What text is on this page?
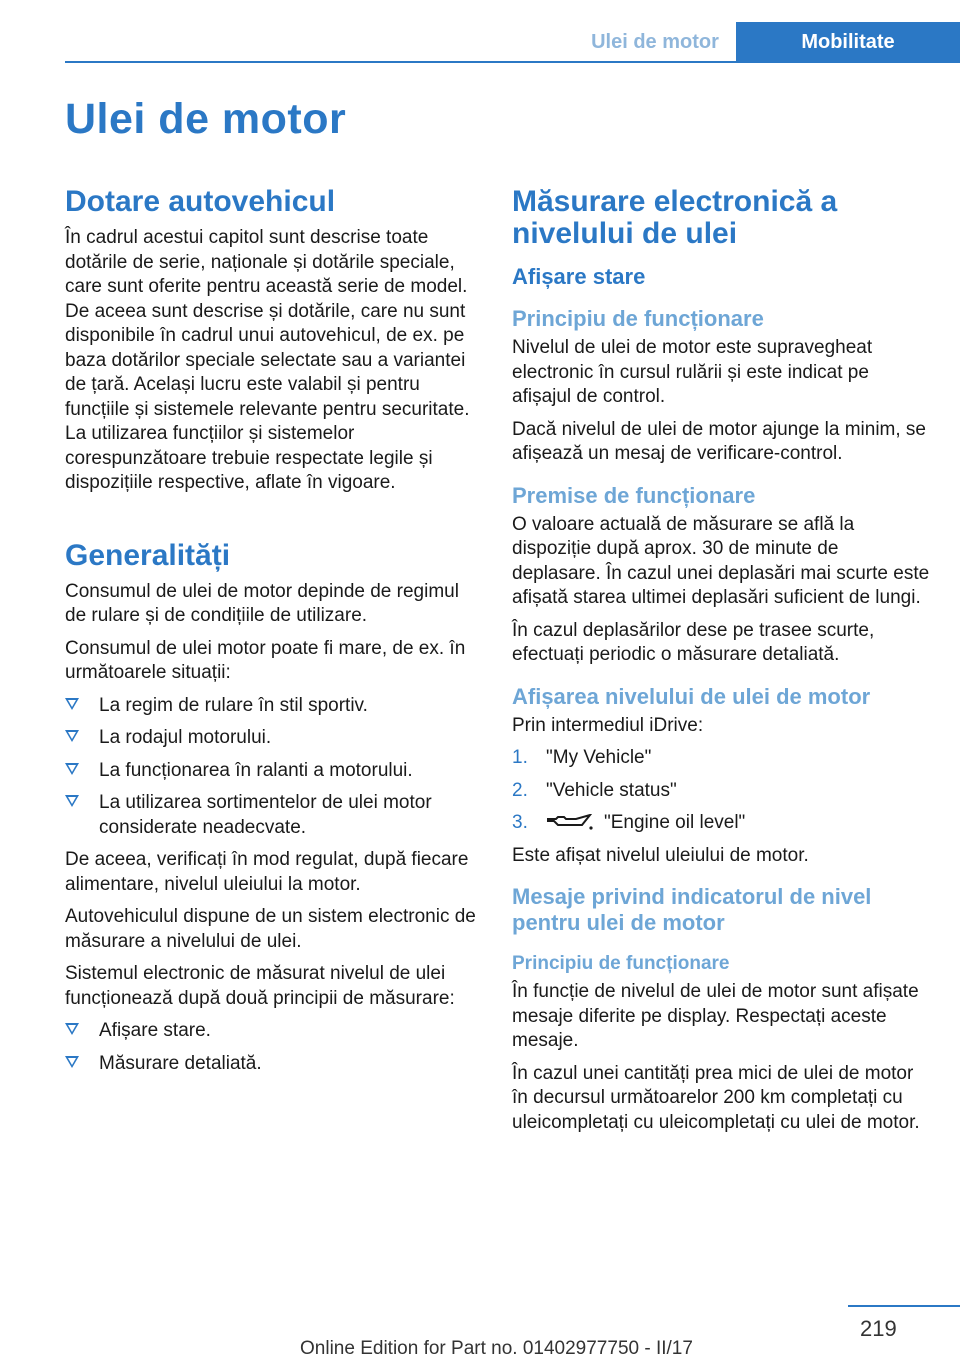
Ulei de motor	Mobilitate
Ulei de motor
Dotare autovehicul

În cadrul acestui capitol sunt descrise toate dotările de serie, naționale și dotările speciale, care sunt oferite pentru această serie de model. De aceea sunt descrise și dotările, care nu sunt disponibile în cadrul unui autovehicul, de ex. pe baza dotărilor speciale selectate sau a variantei de țară. Același lucru este valabil și pentru funcțiile și sistemele relevante pentru securitate. La utilizarea funcțiilor și sistemelor corespunzătoare trebuie respectate legile și dispozițiile respective, aflate în vigoare.

Generalități

Consumul de ulei de motor depinde de regimul de rulare și de condițiile de utilizare.

Consumul de ulei motor poate fi mare, de ex. în următoarele situații:

La regim de rulare în stil sportiv.
La rodajul motorului.
La funcționarea în ralanti a motorului.
La utilizarea sortimentelor de ulei motor considerate neadecvate.

De aceea, verificați în mod regulat, după fiecare alimentare, nivelul uleiului la motor.

Autovehiculul dispune de un sistem electronic de măsurare a nivelului de ulei.

Sistemul electronic de măsurat nivelul de ulei funcționează după două principii de măsurare:

Afișare stare.
Măsurare detaliată.
Măsurare electronică a nivelului de ulei
Afișare stare
Principiu de funcționare

Nivelul de ulei de motor este supravegheat electronic în cursul rulării și este indicat pe afișajul de control.

Dacă nivelul de ulei de motor ajunge la minim, se afișează un mesaj de verificare-control.

Premise de funcționare

O valoare actuală de măsurare se află la dispoziție după aprox. 30 de minute de deplasare. În cazul unei deplasări mai scurte este afișată starea ultimei deplasări suficient de lungi.

În cazul deplasărilor dese pe trasee scurte, efectuați periodic o măsurare detaliată.

Afișarea nivelului de ulei de motor

Prin intermediul iDrive:

1. "My Vehicle"
2. "Vehicle status"
3.	"Engine oil level"

Este afișat nivelul uleiului de motor.

Mesaje privind indicatorul de nivel pentru ulei de motor
Principiu de funcționare

În funcție de nivelul de ulei de motor sunt afișate mesaje diferite pe display. Respectați aceste mesaje.

În cazul unei cantități prea mici de ulei de motor în decursul următoarelor 200 km completați cu uleicompletați cu uleicompletați cu ulei de motor.

219
Online Edition for Part no. 01402977750 - II/17
